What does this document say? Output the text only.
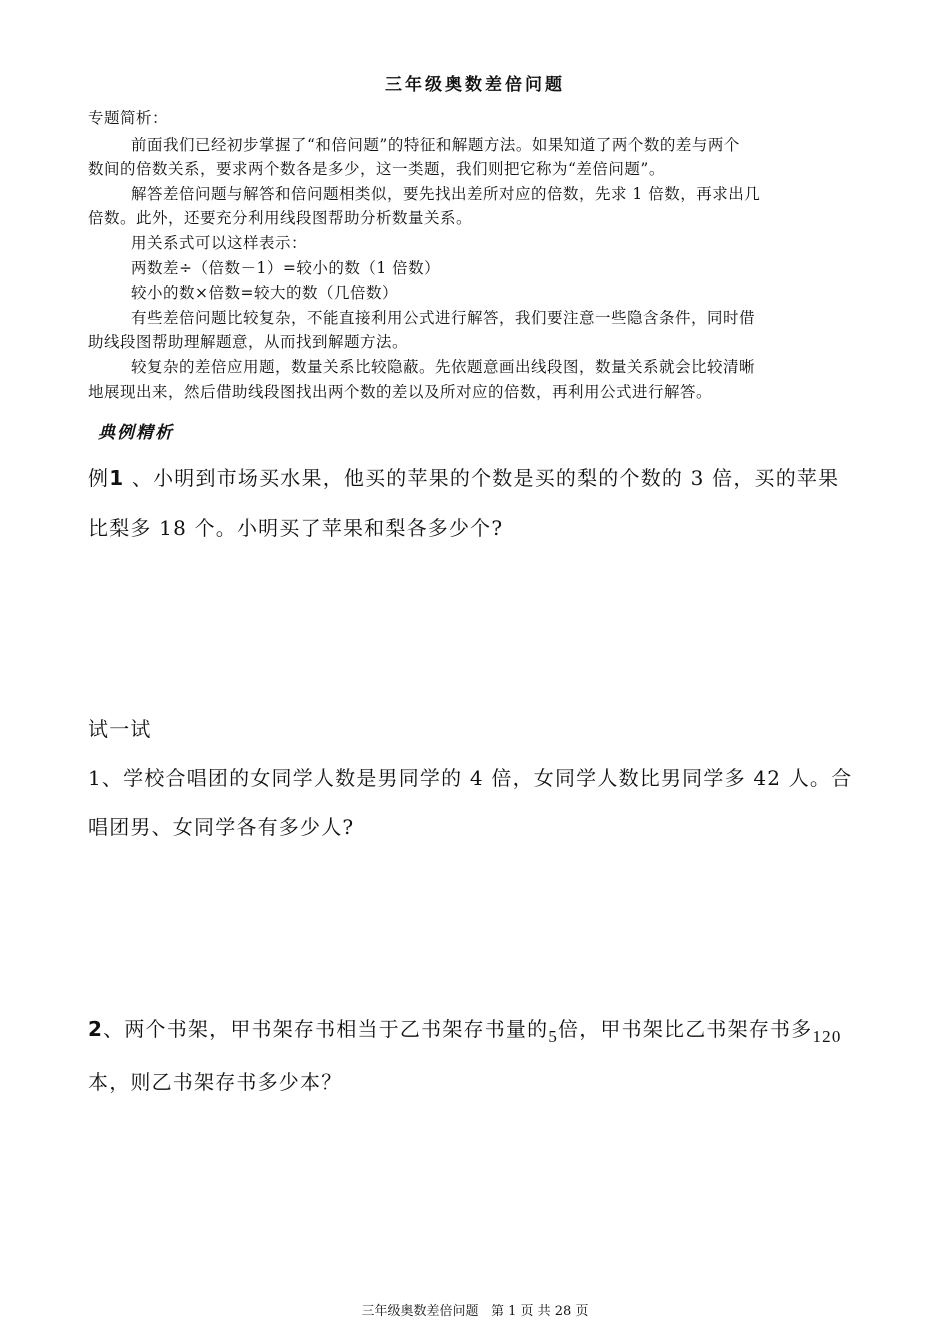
三年级奥数差倍问题
专题简析：
前面我们已经初步掌握了“和倍问题”的特征和解题方法。如果知道了两个数的差与两个
数间的倍数关系，要求两个数各是多少，这一类题，我们则把它称为“差倍问题”。
解答差倍问题与解答和倍问题相类似，要先找出差所对应的倍数，先求 1 倍数，再求出几
倍数。此外，还要充分利用线段图帮助分析数量关系。
用关系式可以这样表示：
两数差÷（倍数－1）=较小的数（1 倍数）
较小的数×倍数=较大的数（几倍数）
有些差倍问题比较复杂，不能直接利用公式进行解答，我们要注意一些隐含条件，同时借
助线段图帮助理解题意，从而找到解题方法。
较复杂的差倍应用题，数量关系比较隐蔽。先依题意画出线段图，数量关系就会比较清晰
地展现出来，然后借助线段图找出两个数的差以及所对应的倍数，再利用公式进行解答。
典例精析
例1 、小明到市场买水果，他买的苹果的个数是买的梨的个数的 3 倍，买的苹果
比梨多 18 个。小明买了苹果和梨各多少个?
试一试
1、学校合唱团的女同学人数是男同学的 4 倍，女同学人数比男同学多 42 人。合
唱团男、女同学各有多少人?
2、两个书架，甲书架存书相当于乙书架存书量的$_5$倍，甲书架比乙书架存书多$_{120}$
本，则乙书架存书多少本？
三年级奥数差倍问题 第 1 页 共 28 页
